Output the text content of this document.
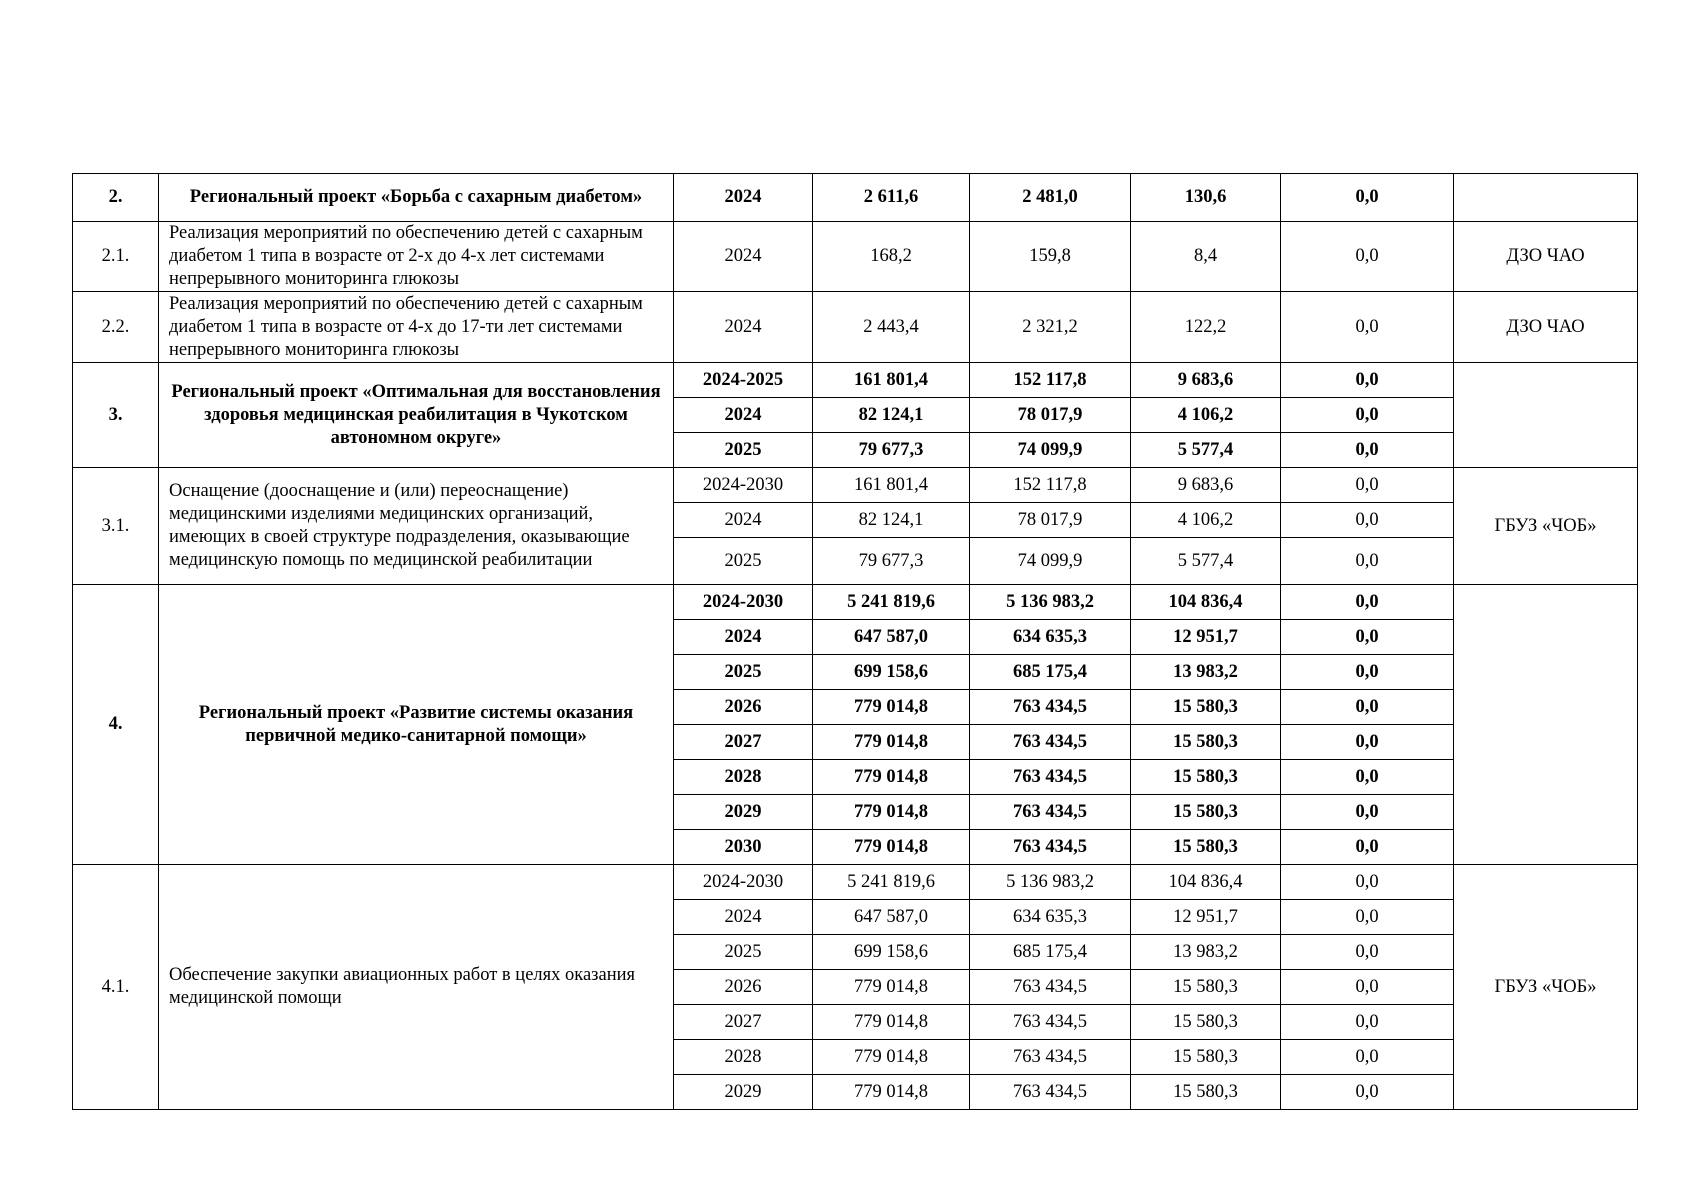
2.	Региональный проект «Борьба с сахарным диабетом»	2024	2 611,6	2 481,0	130,6	0,0	
2.1.	Реализация мероприятий по обеспечению детей с сахарным диабетом 1 типа в возрасте от 2-х до 4-х лет системами непрерывного мониторинга глюкозы	2024	168,2	159,8	8,4	0,0	ДЗО ЧАО
2.2.	Реализация мероприятий по обеспечению детей с сахарным диабетом 1 типа в возрасте от 4-х до 17-ти лет системами непрерывного мониторинга глюкозы	2024	2 443,4	2 321,2	122,2	0,0	ДЗО ЧАО
3.	Региональный проект «Оптимальная для восстановления здоровья медицинская реабилитация в Чукотском автономном округе»	2024-2025	161 801,4	152 117,8	9 683,6	0,0	
		2024	82 124,1	78 017,9	4 106,2	0,0	
		2025	79 677,3	74 099,9	5 577,4	0,0	
3.1.	Оснащение (дооснащение и (или) переоснащение) медицинскими изделиями медицинских организаций, имеющих в своей структуре подразделения, оказывающие медицинскую помощь по медицинской реабилитации	2024-2030	161 801,4	152 117,8	9 683,6	0,0	ГБУЗ «ЧОБ»
		2024	82 124,1	78 017,9	4 106,2	0,0	
		2025	79 677,3	74 099,9	5 577,4	0,0	
4.	Региональный проект «Развитие системы оказания первичной медико-санитарной помощи»	2024-2030	5 241 819,6	5 136 983,2	104 836,4	0,0	
		2024	647 587,0	634 635,3	12 951,7	0,0	
		2025	699 158,6	685 175,4	13 983,2	0,0	
		2026	779 014,8	763 434,5	15 580,3	0,0	
		2027	779 014,8	763 434,5	15 580,3	0,0	
		2028	779 014,8	763 434,5	15 580,3	0,0	
		2029	779 014,8	763 434,5	15 580,3	0,0	
		2030	779 014,8	763 434,5	15 580,3	0,0	
4.1.	Обеспечение закупки авиационных работ в целях оказания медицинской помощи	2024-2030	5 241 819,6	5 136 983,2	104 836,4	0,0	ГБУЗ «ЧОБ»
		2024	647 587,0	634 635,3	12 951,7	0,0	
		2025	699 158,6	685 175,4	13 983,2	0,0	
		2026	779 014,8	763 434,5	15 580,3	0,0	
		2027	779 014,8	763 434,5	15 580,3	0,0	
		2028	779 014,8	763 434,5	15 580,3	0,0	
		2029	779 014,8	763 434,5	15 580,3	0,0	
